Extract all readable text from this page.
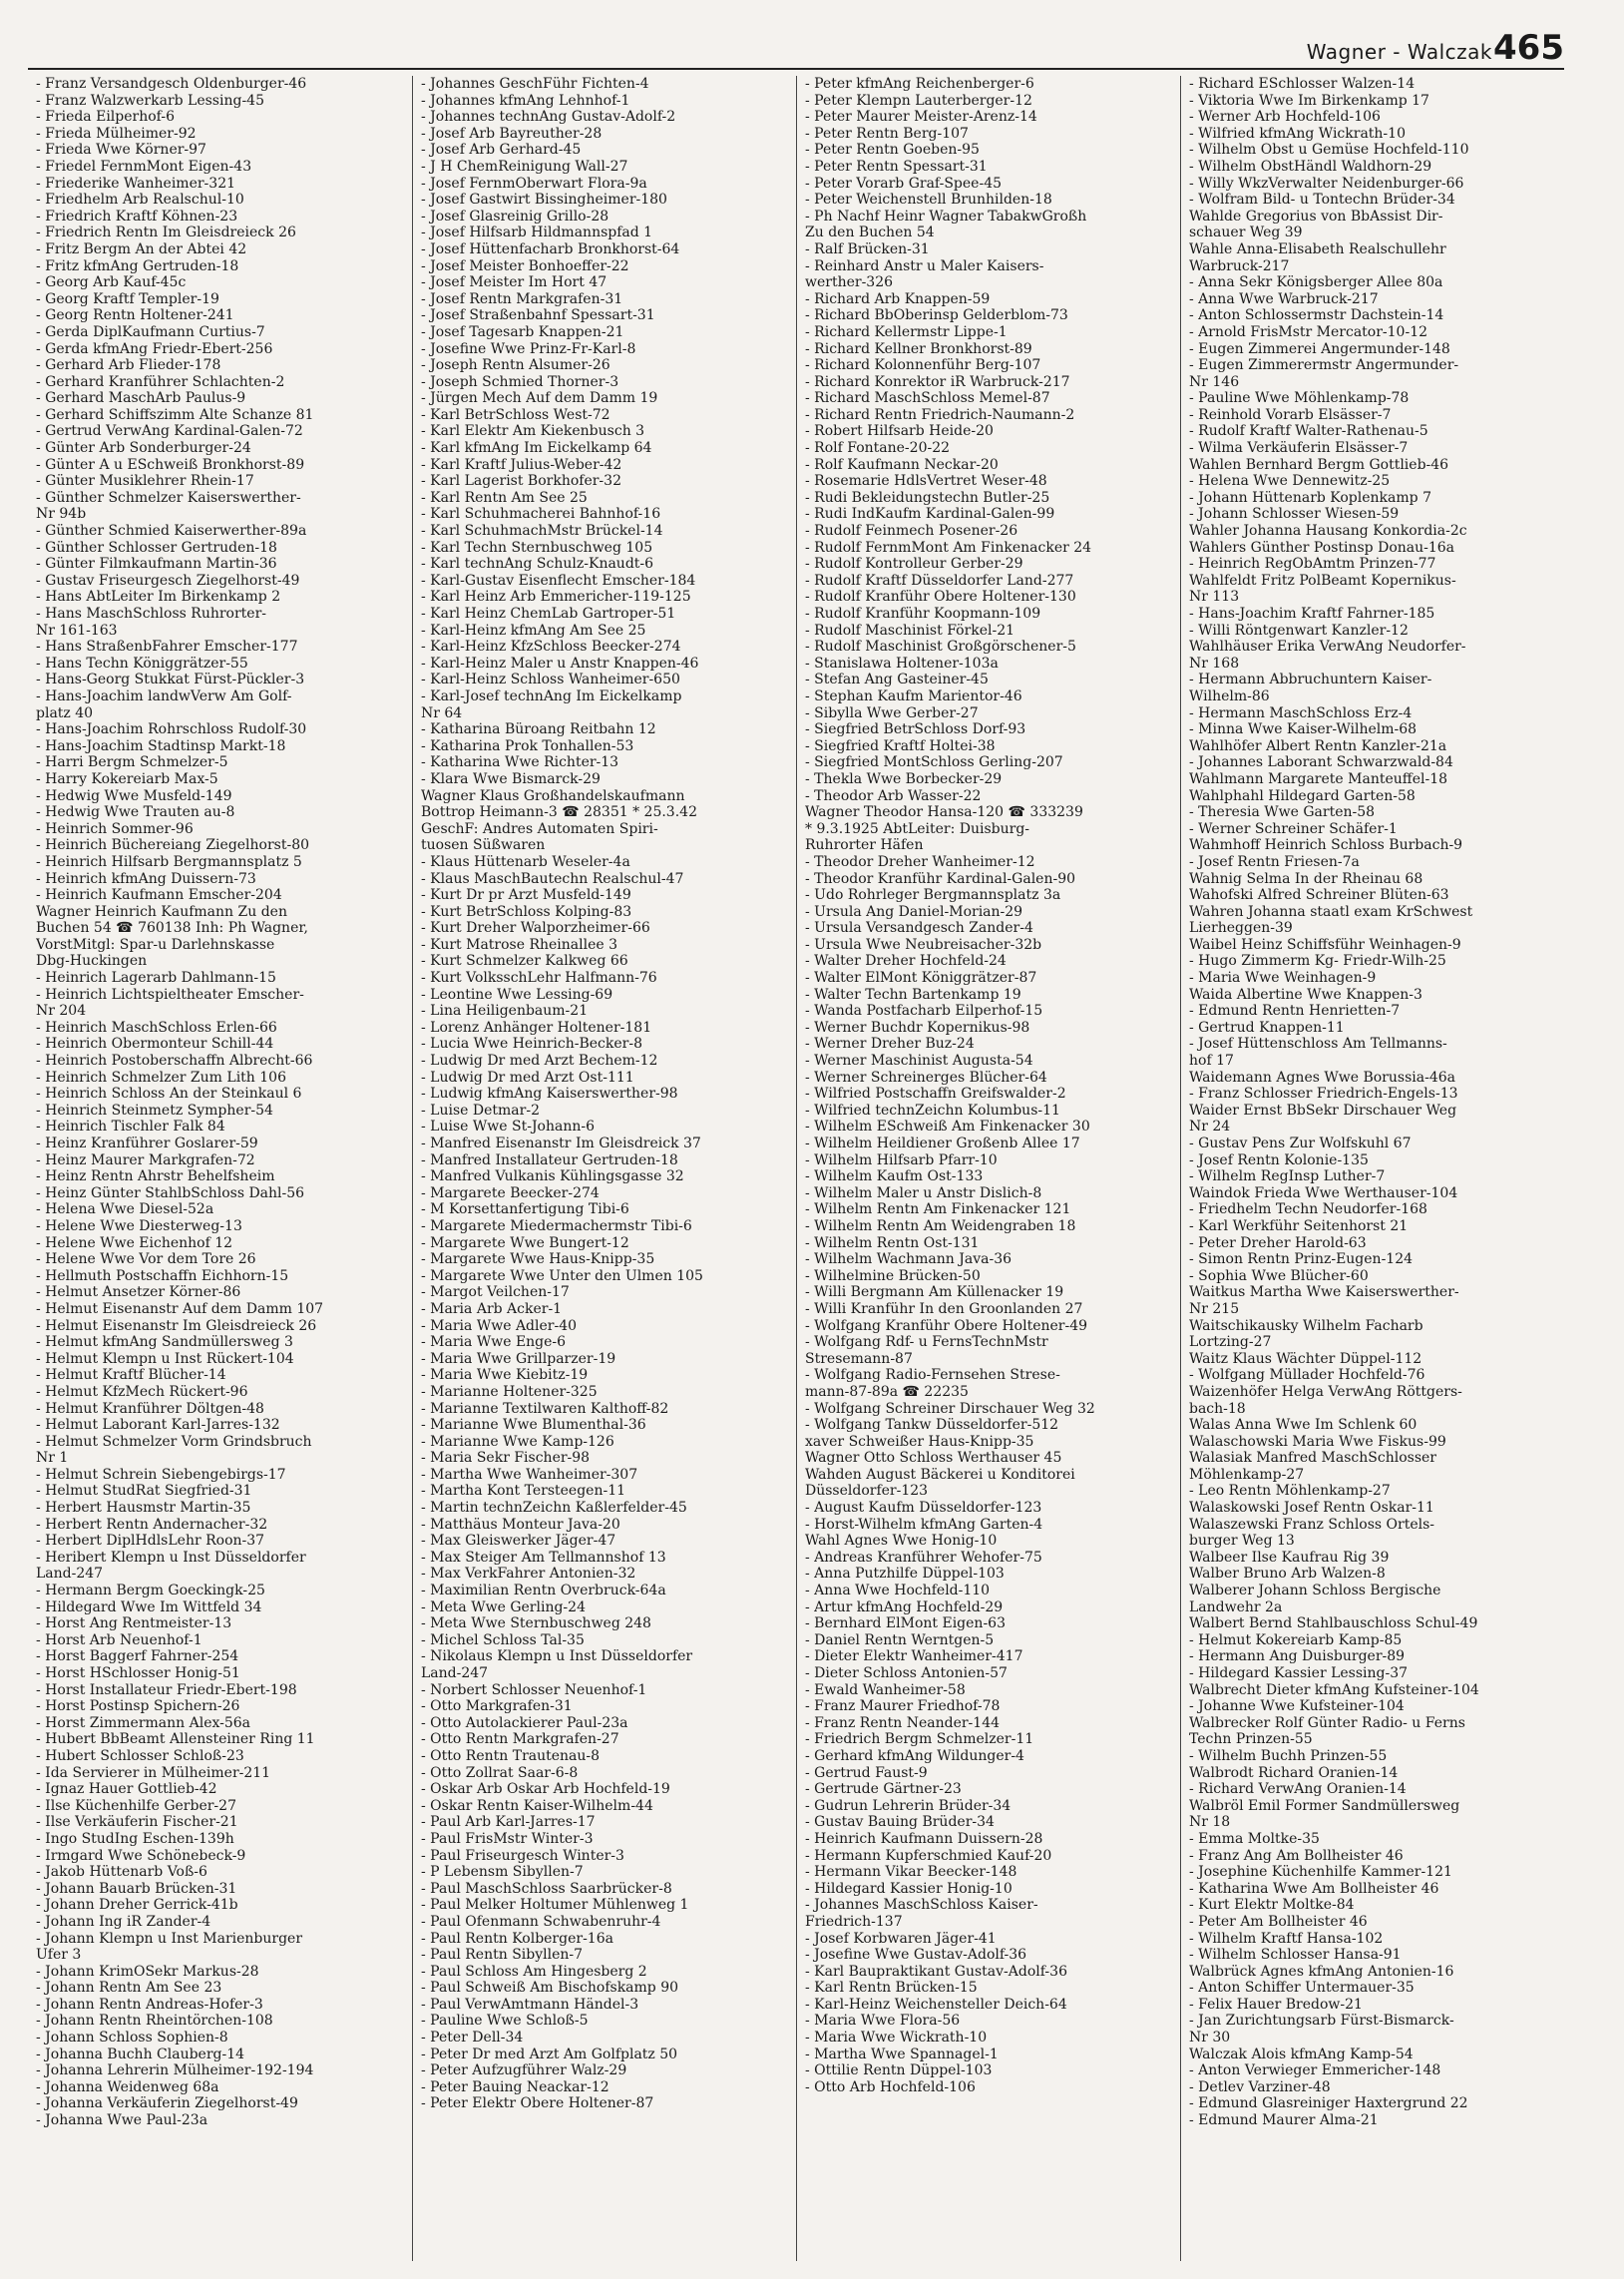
Wagner - Walczak 465

- Franz Versandgesch Oldenburger-46

- Franz Walzwerkarb Lessing-45

- Frieda Eilperhof-6

- Frieda Mülheimer-92

- Frieda Wwe Körner-97

- Friedel FernmMont Eigen-43

- Friederike Wanheimer-321

- Friedhelm Arb Realschul-10

- Friedrich Kraftf Köhnen-23

- Friedrich Rentn Im Gleisdreieck 26

- Fritz Bergm An der Abtei 42

- Fritz kfmAng Gertruden-18

- Georg Arb Kauf-45c

- Georg Kraftf Templer-19

- Georg Rentn Holtener-241

- Gerda DiplKaufmann Curtius-7

- Gerda kfmAng Friedr-Ebert-256

- Gerhard Arb Flieder-178

- Gerhard Kranführer Schlachten-2

- Gerhard MaschArb Paulus-9

- Gerhard Schiffszimm Alte Schanze 81

- Gertrud VerwAng Kardinal-Galen-72

- Günter Arb Sonderburger-24

- Günter A u ESchweiß Bronkhorst-89

- Günter Musiklehrer Rhein-17

- Günther Schmelzer Kaiserswerther-

Nr 94b

- Günther Schmied Kaiserwerther-89a

- Günther Schlosser Gertruden-18

- Günter Filmkaufmann Martin-36

- Gustav Friseurgesch Ziegelhorst-49

- Hans AbtLeiter Im Birkenkamp 2

- Hans MaschSchloss Ruhrorter-

Nr 161-163

- Hans StraßenbFahrer Emscher-177

- Hans Techn Königgrätzer-55

- Hans-Georg Stukkat Fürst-Pückler-3

- Hans-Joachim landwVerw Am Golf-

platz 40

- Hans-Joachim Rohrschloss Rudolf-30

- Hans-Joachim Stadtinsp Markt-18

- Harri Bergm Schmelzer-5

- Harry Kokereiarb Max-5

- Hedwig Wwe Musfeld-149

- Hedwig Wwe Trauten au-8

- Heinrich Sommer-96

- Heinrich Büchereiang Ziegelhorst-80

- Heinrich Hilfsarb Bergmannsplatz 5

- Heinrich kfmAng Duissern-73

- Heinrich Kaufmann Emscher-204

Wagner Heinrich Kaufmann Zu den

Buchen 54 ☎ 760138 Inh: Ph Wagner,

VorstMitgl: Spar-u Darlehnskasse

Dbg-Huckingen

- Heinrich Lagerarb Dahlmann-15

- Heinrich Lichtspieltheater Emscher-

Nr 204

- Heinrich MaschSchloss Erlen-66

- Heinrich Obermonteur Schill-44

- Heinrich Postoberschaffn Albrecht-66

- Heinrich Schmelzer Zum Lith 106

- Heinrich Schloss An der Steinkaul 6

- Heinrich Steinmetz Sympher-54

- Heinrich Tischler Falk 84

- Heinz Kranführer Goslarer-59

- Heinz Maurer Markgrafen-72

- Heinz Rentn Ahrstr Behelfsheim

- Heinz Günter StahlbSchloss Dahl-56

- Helena Wwe Diesel-52a

- Helene Wwe Diesterweg-13

- Helene Wwe Eichenhof 12

- Helene Wwe Vor dem Tore 26

- Hellmuth Postschaffn Eichhorn-15

- Helmut Ansetzer Körner-86

- Helmut Eisenanstr Auf dem Damm 107

- Helmut Eisenanstr Im Gleisdreieck 26

- Helmut kfmAng Sandmüllersweg 3

- Helmut Klempn u Inst Rückert-104

- Helmut Kraftf Blücher-14

- Helmut KfzMech Rückert-96

- Helmut Kranführer Döltgen-48

- Helmut Laborant Karl-Jarres-132

- Helmut Schmelzer Vorm Grindsbruch

Nr 1

- Helmut Schrein Siebengebirgs-17

- Helmut StudRat Siegfried-31

- Herbert Hausmstr Martin-35

- Herbert Rentn Andernacher-32

- Herbert DiplHdlsLehr Roon-37

- Heribert Klempn u Inst Düsseldorfer

Land-247

- Hermann Bergm Goeckingk-25

- Hildegard Wwe Im Wittfeld 34

- Horst Ang Rentmeister-13

- Horst Arb Neuenhof-1

- Horst Baggerf Fahrner-254

- Horst HSchlosser Honig-51

- Horst Installateur Friedr-Ebert-198

- Horst Postinsp Spichern-26

- Horst Zimmermann Alex-56a

- Hubert BbBeamt Allensteiner Ring 11

- Hubert Schlosser Schloß-23

- Ida Servierer in Mülheimer-211

- Ignaz Hauer Gottlieb-42

- Ilse Küchenhilfe Gerber-27

- Ilse Verkäuferin Fischer-21

- Ingo StudIng Eschen-139h

- Irmgard Wwe Schönebeck-9

- Jakob Hüttenarb Voß-6

- Johann Bauarb Brücken-31

- Johann Dreher Gerrick-41b

- Johann Ing iR Zander-4

- Johann Klempn u Inst Marienburger

Ufer 3

- Johann KrimOSekr Markus-28

- Johann Rentn Am See 23

- Johann Rentn Andreas-Hofer-3

- Johann Rentn Rheintörchen-108

- Johann Schloss Sophien-8

- Johanna Buchh Clauberg-14

- Johanna Lehrerin Mülheimer-192-194

- Johanna Weidenweg 68a

- Johanna Verkäuferin Ziegelhorst-49

- Johanna Wwe Paul-23a

- Johannes GeschFühr Fichten-4

- Johannes kfmAng Lehnhof-1

- Johannes technAng Gustav-Adolf-2

- Josef Arb Bayreuther-28

- Josef Arb Gerhard-45

- J H ChemReinigung Wall-27

- Josef FernmOberwart Flora-9a

- Josef Gastwirt Bissingheimer-180

- Josef Glasreinig Grillo-28

- Josef Hilfsarb Hildmannspfad 1

- Josef Hüttenfacharb Bronkhorst-64

- Josef Meister Bonhoeffer-22

- Josef Meister Im Hort 47

- Josef Rentn Markgrafen-31

- Josef Straßenbahnf Spessart-31

- Josef Tagesarb Knappen-21

- Josefine Wwe Prinz-Fr-Karl-8

- Joseph Rentn Alsumer-26

- Joseph Schmied Thorner-3

- Jürgen Mech Auf dem Damm 19

- Karl BetrSchloss West-72

- Karl Elektr Am Kiekenbusch 3

- Karl kfmAng Im Eickelkamp 64

- Karl Kraftf Julius-Weber-42

- Karl Lagerist Borkhofer-32

- Karl Rentn Am See 25

- Karl Schuhmacherei Bahnhof-16

- Karl SchuhmachMstr Brückel-14

- Karl Techn Sternbuschweg 105

- Karl technAng Schulz-Knaudt-6

- Karl-Gustav Eisenflecht Emscher-184

- Karl Heinz Arb Emmericher-119-125

- Karl Heinz ChemLab Gartroper-51

- Karl-Heinz kfmAng Am See 25

- Karl-Heinz KfzSchloss Beecker-274

- Karl-Heinz Maler u Anstr Knappen-46

- Karl-Heinz Schloss Wanheimer-650

- Karl-Josef technAng Im Eickelkamp

Nr 64

- Katharina Büroang Reitbahn 12

- Katharina Prok Tonhallen-53

- Katharina Wwe Richter-13

- Klara Wwe Bismarck-29

Wagner Klaus Großhandelskaufmann

Bottrop Heimann-3 ☎ 28351 * 25.3.42

GeschF: Andres Automaten Spiri-

tuosen Süßwaren

- Klaus Hüttenarb Weseler-4a

- Klaus MaschBautechn Realschul-47

- Kurt Dr pr Arzt Musfeld-149

- Kurt BetrSchloss Kolping-83

- Kurt Dreher Walporzheimer-66

- Kurt Matrose Rheinallee 3

- Kurt Schmelzer Kalkweg 66

- Kurt VolksschLehr Halfmann-76

- Leontine Wwe Lessing-69

- Lina Heiligenbaum-21

- Lorenz Anhänger Holtener-181

- Lucia Wwe Heinrich-Becker-8

- Ludwig Dr med Arzt Bechem-12

- Ludwig Dr med Arzt Ost-111

- Ludwig kfmAng Kaiserswerther-98

- Luise Detmar-2

- Luise Wwe St-Johann-6

- Manfred Eisenanstr Im Gleisdreick 37

- Manfred Installateur Gertruden-18

- Manfred Vulkanis Kühlingsgasse 32

- Margarete Beecker-274

- M Korsettanfertigung Tibi-6

- Margarete Miedermachermstr Tibi-6

- Margarete Wwe Bungert-12

- Margarete Wwe Haus-Knipp-35

- Margarete Wwe Unter den Ulmen 105

- Margot Veilchen-17

- Maria Arb Acker-1

- Maria Wwe Adler-40

- Maria Wwe Enge-6

- Maria Wwe Grillparzer-19

- Maria Wwe Kiebitz-19

- Marianne Holtener-325

- Marianne Textilwaren Kalthoff-82

- Marianne Wwe Blumenthal-36

- Marianne Wwe Kamp-126

- Maria Sekr Fischer-98

- Martha Wwe Wanheimer-307

- Martha Kont Tersteegen-11

- Martin technZeichn Kaßlerfelder-45

- Matthäus Monteur Java-20

- Max Gleiswerker Jäger-47

- Max Steiger Am Tellmannshof 13

- Max VerkFahrer Antonien-32

- Maximilian Rentn Overbruck-64a

- Meta Wwe Gerling-24

- Meta Wwe Sternbuschweg 248

- Michel Schloss Tal-35

- Nikolaus Klempn u Inst Düsseldorfer

Land-247

- Norbert Schlosser Neuenhof-1

- Otto Markgrafen-31

- Otto Autolackierer Paul-23a

- Otto Rentn Markgrafen-27

- Otto Rentn Trautenau-8

- Otto Zollrat Saar-6-8

- Oskar Arb Oskar Arb Hochfeld-19

- Oskar Rentn Kaiser-Wilhelm-44

- Paul Arb Karl-Jarres-17

- Paul FrisMstr Winter-3

- Paul Friseurgesch Winter-3

- P Lebensm Sibyllen-7

- Paul MaschSchloss Saarbrücker-8

- Paul Melker Holtumer Mühlenweg 1

- Paul Ofenmann Schwabenruhr-4

- Paul Rentn Kolberger-16a

- Paul Rentn Sibyllen-7

- Paul Schloss Am Hingesberg 2

- Paul Schweiß Am Bischofskamp 90

- Paul VerwAmtmann Händel-3

- Pauline Wwe Schloß-5

- Peter Dell-34

- Peter Dr med Arzt Am Golfplatz 50

- Peter Aufzugführer Walz-29

- Peter Bauing Neackar-12

- Peter Elektr Obere Holtener-87

- Peter kfmAng Reichenberger-6

- Peter Klempn Lauterberger-12

- Peter Maurer Meister-Arenz-14

- Peter Rentn Berg-107

- Peter Rentn Goeben-95

- Peter Rentn Spessart-31

- Peter Vorarb Graf-Spee-45

- Peter Weichenstell Brunhilden-18

- Ph Nachf Heinr Wagner TabakwGroßh

Zu den Buchen 54

- Ralf Brücken-31

- Reinhard Anstr u Maler Kaisers-

werther-326

- Richard Arb Knappen-59

- Richard BbOberinsp Gelderblom-73

- Richard Kellermstr Lippe-1

- Richard Kellner Bronkhorst-89

- Richard Kolonnenführ Berg-107

- Richard Konrektor iR Warbruck-217

- Richard MaschSchloss Memel-87

- Richard Rentn Friedrich-Naumann-2

- Robert Hilfsarb Heide-20

- Rolf Fontane-20-22

- Rolf Kaufmann Neckar-20

- Rosemarie HdlsVertret Weser-48

- Rudi Bekleidungstechn Butler-25

- Rudi IndKaufm Kardinal-Galen-99

- Rudolf Feinmech Posener-26

- Rudolf FernmMont Am Finkenacker 24

- Rudolf Kontrolleur Gerber-29

- Rudolf Kraftf Düsseldorfer Land-277

- Rudolf Kranführ Obere Holtener-130

- Rudolf Kranführ Koopmann-109

- Rudolf Maschinist Förkel-21

- Rudolf Maschinist Großgörschener-5

- Stanislawa Holtener-103a

- Stefan Ang Gasteiner-45

- Stephan Kaufm Marientor-46

- Sibylla Wwe Gerber-27

- Siegfried BetrSchloss Dorf-93

- Siegfried Kraftf Holtei-38

- Siegfried MontSchloss Gerling-207

- Thekla Wwe Borbecker-29

- Theodor Arb Wasser-22

Wagner Theodor Hansa-120 ☎ 333239

* 9.3.1925 AbtLeiter: Duisburg-

Ruhrorter Häfen

- Theodor Dreher Wanheimer-12

- Theodor Kranführ Kardinal-Galen-90

- Udo Rohrleger Bergmannsplatz 3a

- Ursula Ang Daniel-Morian-29

- Ursula Versandgesch Zander-4

- Ursula Wwe Neubreisacher-32b

- Walter Dreher Hochfeld-24

- Walter ElMont Königgrätzer-87

- Walter Techn Bartenkamp 19

- Wanda Postfacharb Eilperhof-15

- Werner Buchdr Kopernikus-98

- Werner Dreher Buz-24

- Werner Maschinist Augusta-54

- Werner Schreinerges Blücher-64

- Wilfried Postschaffn Greifswalder-2

- Wilfried technZeichn Kolumbus-11

- Wilhelm ESchweiß Am Finkenacker 30

- Wilhelm Heildiener Großenb Allee 17

- Wilhelm Hilfsarb Pfarr-10

- Wilhelm Kaufm Ost-133

- Wilhelm Maler u Anstr Dislich-8

- Wilhelm Rentn Am Finkenacker 121

- Wilhelm Rentn Am Weidengraben 18

- Wilhelm Rentn Ost-131

- Wilhelm Wachmann Java-36

- Wilhelmine Brücken-50

- Willi Bergmann Am Küllenacker 19

- Willi Kranführ In den Groonlanden 27

- Wolfgang Kranführ Obere Holtener-49

- Wolfgang Rdf- u FernsTechnMstr

Stresemann-87

- Wolfgang Radio-Fernsehen Strese-

mann-87-89a ☎ 22235

- Wolfgang Schreiner Dirschauer Weg 32

- Wolfgang Tankw Düsseldorfer-512

xaver Schweißer Haus-Knipp-35

Wagner Otto Schloss Werthauser 45

Wahden August Bäckerei u Konditorei

Düsseldorfer-123

- August Kaufm Düsseldorfer-123

- Horst-Wilhelm kfmAng Garten-4

Wahl Agnes Wwe Honig-10

- Andreas Kranführer Wehofer-75

- Anna Putzhilfe Düppel-103

- Anna Wwe Hochfeld-110

- Artur kfmAng Hochfeld-29

- Bernhard ElMont Eigen-63

- Daniel Rentn Werntgen-5

- Dieter Elektr Wanheimer-417

- Dieter Schloss Antonien-57

- Ewald Wanheimer-58

- Franz Maurer Friedhof-78

- Franz Rentn Neander-144

- Friedrich Bergm Schmelzer-11

- Gerhard kfmAng Wildunger-4

- Gertrud Faust-9

- Gertrude Gärtner-23

- Gudrun Lehrerin Brüder-34

- Gustav Bauing Brüder-34

- Heinrich Kaufmann Duissern-28

- Hermann Kupferschmied Kauf-20

- Hermann Vikar Beecker-148

- Hildegard Kassier Honig-10

- Johannes MaschSchloss Kaiser-

Friedrich-137

- Josef Korbwaren Jäger-41

- Josefine Wwe Gustav-Adolf-36

- Karl Baupraktikant Gustav-Adolf-36

- Karl Rentn Brücken-15

- Karl-Heinz Weichensteller Deich-64

- Maria Wwe Flora-56

- Maria Wwe Wickrath-10

- Martha Wwe Spannagel-1

- Ottilie Rentn Düppel-103

- Otto Arb Hochfeld-106

- Richard ESchlosser Walzen-14

- Viktoria Wwe Im Birkenkamp 17

- Werner Arb Hochfeld-106

- Wilfried kfmAng Wickrath-10

- Wilhelm Obst u Gemüse Hochfeld-110

- Wilhelm ObstHändl Waldhorn-29

- Willy WkzVerwalter Neidenburger-66

- Wolfram Bild- u Tontechn Brüder-34

Wahlde Gregorius von BbAssist Dir-

schauer Weg 39

Wahle Anna-Elisabeth Realschullehr

Warbruck-217

- Anna Sekr Königsberger Allee 80a

- Anna Wwe Warbruck-217

- Anton Schlossermstr Dachstein-14

- Arnold FrisMstr Mercator-10-12

- Eugen Zimmerei Angermunder-148

- Eugen Zimmerermstr Angermunder-

Nr 146

- Pauline Wwe Möhlenkamp-78

- Reinhold Vorarb Elsässer-7

- Rudolf Kraftf Walter-Rathenau-5

- Wilma Verkäuferin Elsässer-7

Wahlen Bernhard Bergm Gottlieb-46

- Helena Wwe Dennewitz-25

- Johann Hüttenarb Koplenkamp 7

- Johann Schlosser Wiesen-59

Wahler Johanna Hausang Konkordia-2c

Wahlers Günther Postinsp Donau-16a

- Heinrich RegObAmtm Prinzen-77

Wahlfeldt Fritz PolBeamt Kopernikus-

Nr 113

- Hans-Joachim Kraftf Fahrner-185

- Willi Röntgenwart Kanzler-12

Wahlhäuser Erika VerwAng Neudorfer-

Nr 168

- Hermann Abbruchuntern Kaiser-

Wilhelm-86

- Hermann MaschSchloss Erz-4

- Minna Wwe Kaiser-Wilhelm-68

Wahlhöfer Albert Rentn Kanzler-21a

- Johannes Laborant Schwarzwald-84

Wahlmann Margarete Manteuffel-18

Wahlphahl Hildegard Garten-58

- Theresia Wwe Garten-58

- Werner Schreiner Schäfer-1

Wahmhoff Heinrich Schloss Burbach-9

- Josef Rentn Friesen-7a

Wahnig Selma In der Rheinau 68

Wahofski Alfred Schreiner Blüten-63

Wahren Johanna staatl exam KrSchwest

Lierheggen-39

Waibel Heinz Schiffsführ Weinhagen-9

- Hugo Zimmerm Kg- Friedr-Wilh-25

- Maria Wwe Weinhagen-9

Waida Albertine Wwe Knappen-3

- Edmund Rentn Henrietten-7

- Gertrud Knappen-11

- Josef Hüttenschloss Am Tellmanns-

hof 17

Waidemann Agnes Wwe Borussia-46a

- Franz Schlosser Friedrich-Engels-13

Waider Ernst BbSekr Dirschauer Weg

Nr 24

- Gustav Pens Zur Wolfskuhl 67

- Josef Rentn Kolonie-135

- Wilhelm RegInsp Luther-7

Waindok Frieda Wwe Werthauser-104

- Friedhelm Techn Neudorfer-168

- Karl Werkführ Seitenhorst 21

- Peter Dreher Harold-63

- Simon Rentn Prinz-Eugen-124

- Sophia Wwe Blücher-60

Waitkus Martha Wwe Kaiserswerther-

Nr 215

Waitschikausky Wilhelm Facharb

Lortzing-27

Waitz Klaus Wächter Düppel-112

- Wolfgang Müllader Hochfeld-76

Waizenhöfer Helga VerwAng Röttgers-

bach-18

Walas Anna Wwe Im Schlenk 60

Walaschowski Maria Wwe Fiskus-99

Walasiak Manfred MaschSchlosser

Möhlenkamp-27

- Leo Rentn Möhlenkamp-27

Walaskowski Josef Rentn Oskar-11

Walaszewski Franz Schloss Ortels-

burger Weg 13

Walbeer Ilse Kaufrau Rig 39

Walber Bruno Arb Walzen-8

Walberer Johann Schloss Bergische

Landwehr 2a

Walbert Bernd Stahlbauschloss Schul-49

- Helmut Kokereiarb Kamp-85

- Hermann Ang Duisburger-89

- Hildegard Kassier Lessing-37

Walbrecht Dieter kfmAng Kufsteiner-104

- Johanne Wwe Kufsteiner-104

Walbrecker Rolf Günter Radio- u Ferns

Techn Prinzen-55

- Wilhelm Buchh Prinzen-55

Walbrodt Richard Oranien-14

- Richard VerwAng Oranien-14

Walbröl Emil Former Sandmüllersweg

Nr 18

- Emma Moltke-35

- Franz Ang Am Bollheister 46

- Josephine Küchenhilfe Kammer-121

- Katharina Wwe Am Bollheister 46

- Kurt Elektr Moltke-84

- Peter Am Bollheister 46

- Wilhelm Kraftf Hansa-102

- Wilhelm Schlosser Hansa-91

Walbrück Agnes kfmAng Antonien-16

- Anton Schiffer Untermauer-35

- Felix Hauer Bredow-21

- Jan Zurichtungsarb Fürst-Bismarck-

Nr 30

Walczak Alois kfmAng Kamp-54

- Anton Verwieger Emmericher-148

- Detlev Varziner-48

- Edmund Glasreiniger Haxtergrund 22

- Edmund Maurer Alma-21
